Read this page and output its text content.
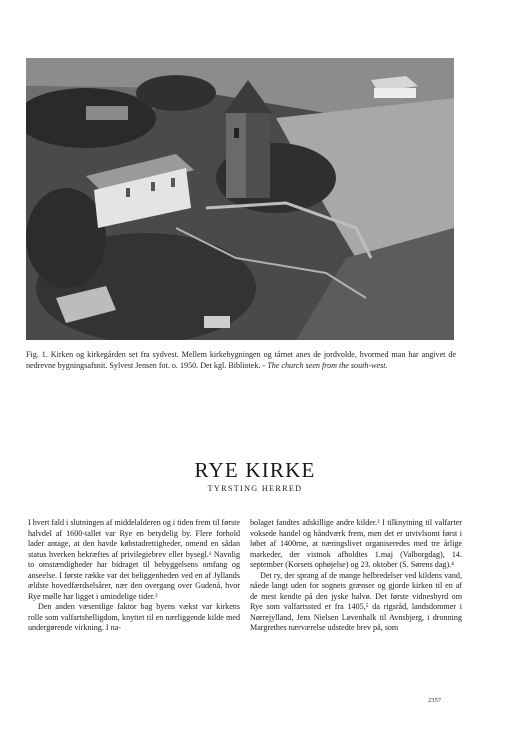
Fig. 1. Kirken og kirkegården set fra sydvest. Mellem kirkebygningen og tårnet anes de jordvolde, hvormed man har angivet de nedrevne bygningsafsnit. Sylvest Jensen fot. o. 1950. Det kgl. Bibliotek. - The church seen from the south-west.
RYE KIRKE
TYRSTING HERRED

I hvert fald i slutningen af middelalderen og i tiden frem til første halvdel af 1600-tallet var Rye en betydelig by. Flere forhold lader antage, at den havde købstadrettigheder, omend en sådan status hverken bekræftes af privilegiebrev eller bysegl.¹ Navnlig to omstændigheder har bidraget til bebyggelsens omfang og anseelse. I første række var det beliggenheden ved en af Jyllands ældste hovedfærdselsårer, nær den overgang over Gudenå, hvor Rye mølle har ligget i umindelige tider.²

Den anden væsentlige faktor bag byens vækst var kirkens rolle som valfartshelligdom, knyttet til en nærliggende kilde med undergørende virkning. I na-

bolaget fandtes adskillige andre kilder.³ I tilknytning til valfarter voksede handel og håndværk frem, men det er utvivlsomt først i løbet af 1400rne, at næringslivet organiseredes med tre årlige markeder, der vistnok afholdtes 1.maj (Valborgdag), 14. september (Korsets ophøjelse) og 23. oktober (S. Sørens dag).⁴

Det ry, der sprang af de mange helbredelser ved kildens vand, nåede langt uden for sognets grænser og gjorde kirken til en af de mest kendte på den jyske halvø. Det første vidnesbyrd om Rye som valfartssted er fra 1405,⁵ da rigsråd, landsdommer i Nørrejylland, Jens Nielsen Løvenbalk til Avnsbjerg, i dronning Margrethes nærværelse udstedte brev på, som

2357
